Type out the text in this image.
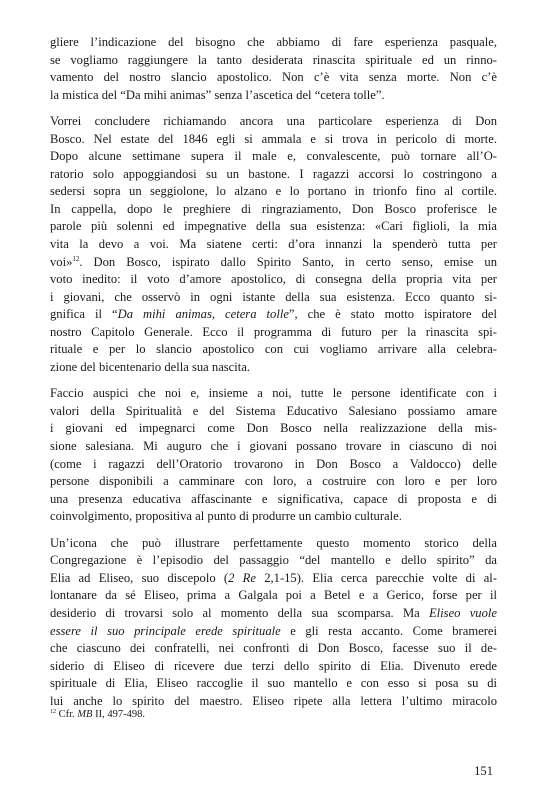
gliere l’indicazione del bisogno che abbiamo di fare esperienza pasquale,
se vogliamo raggiungere la tanto desiderata rinascita spirituale ed un rinno-
vamento del nostro slancio apostolico. Non c’è vita senza morte. Non c’è
la mistica del “Da mihi animas” senza l’ascetica del “cetera tolle”.

Vorrei concludere richiamando ancora una particolare esperienza di Don
Bosco. Nel estate del 1846 egli si ammala e si trova in pericolo di morte.
Dopo alcune settimane supera il male e, convalescente, può tornare all’O-
ratorio solo appoggiandosi su un bastone. I ragazzi accorsi lo costringono a
sedersi sopra un seggiolone, lo alzano e lo portano in trionfo fino al cortile.
In cappella, dopo le preghiere di ringraziamento, Don Bosco proferisce le
parole più solenni ed impegnative della sua esistenza: «Cari figlioli, la mia
vita la devo a voi. Ma siatene certi: d’ora innanzi la spenderò tutta per
voi»$^{12}$. Don Bosco, ispirato dallo Spirito Santo, in certo senso, emise un
voto inedito: il voto d’amore apostolico, di consegna della propria vita per
i giovani, che osservò in ogni istante della sua esistenza. Ecco quanto si-
gnifica il “Da mihi animas, cetera tolle”, che è stato motto ispiratore del
nostro Capitolo Generale. Ecco il programma di futuro per la rinascita spi-
rituale e per lo slancio apostolico con cui vogliamo arrivare alla celebra-
zione del bicentenario della sua nascita.

Faccio auspici che noi e, insieme a noi, tutte le persone identificate con i
valori della Spiritualità e del Sistema Educativo Salesiano possiamo amare
i giovani ed impegnarci come Don Bosco nella realizzazione della mis-
sione salesiana. Mi auguro che i giovani possano trovare in ciascuno di noi
(come i ragazzi dell’Oratorio trovarono in Don Bosco a Valdocco) delle
persone disponibili a camminare con loro, a costruire con loro e per loro
una presenza educativa affascinante e significativa, capace di proposta e di
coinvolgimento, propositiva al punto di produrre un cambio culturale.

Un’icona che può illustrare perfettamente questo momento storico della
Congregazione è l’episodio del passaggio “del mantello e dello spirito” da
Elia ad Eliseo, suo discepolo (2 Re 2,1-15). Elia cerca parecchie volte di al-
lontanare da sé Eliseo, prima a Galgala poi a Betel e a Gerico, forse per il
desiderio di trovarsi solo al momento della sua scomparsa. Ma Eliseo vuole
essere il suo principale erede spirituale e gli resta accanto. Come bramerei
che ciascuno dei confratelli, nei confronti di Don Bosco, facesse suo il de-
siderio di Eliseo di ricevere due terzi dello spirito di Elia. Divenuto erede
spirituale di Elia, Eliseo raccoglie il suo mantello e con esso si posa su di
lui anche lo spirito del maestro. Eliseo ripete alla lettera l’ultimo miracolo

$^{12}$ Cfr. MB II, 497-498.
151
